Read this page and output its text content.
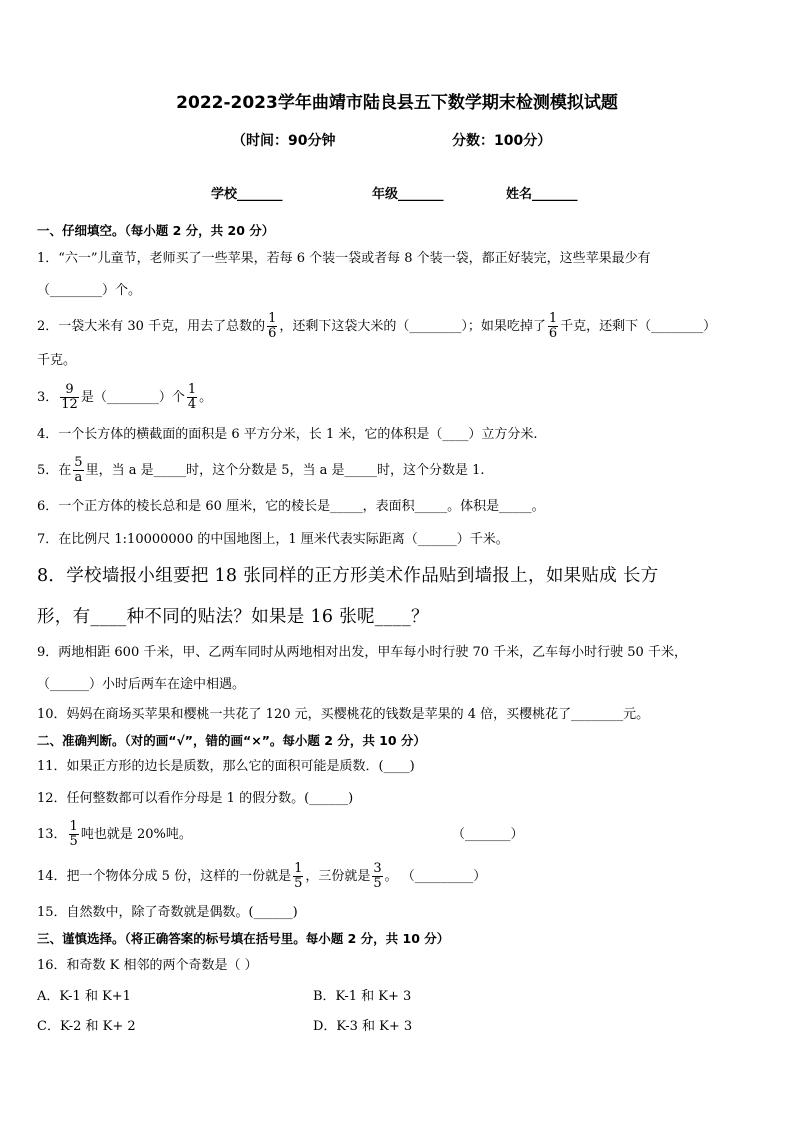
2022-2023学年曲靖市陆良县五下数学期末检测模拟试题
（时间：90分钟	分数：100分）
学校_______	年级_______	姓名_______
一、仔细填空。（每小题 2 分，共 20 分）
1．“六一”儿童节，老师买了一些苹果，若每 6 个装一袋或者每 8 个装一袋，都正好装完，这些苹果最少有
（________）个。
2．一袋大米有 30 千克，用去了总数的 $\frac{1}{6}$ ，还剩下这袋大米的（________）；如果吃掉了 $\frac{1}{6}$ 千克，还剩下（________）
千克。
3． $\frac{9}{12}$ 是（________）个 $\frac{1}{4}$ 。
4．一个长方体的横截面的面积是 6 平方分米，长 1 米，它的体积是（____）立方分米.
5．在 $\frac{5}{a}$ 里，当 a 是_____时，这个分数是 5，当 a 是_____时，这个分数是 1.
6．一个正方体的棱长总和是 60 厘米，它的棱长是_____，表面积_____。体积是_____。
7．在比例尺 1:10000000 的中国地图上，1 厘米代表实际距离（______）千米。
8．学校墙报小组要把 18 张同样的正方形美术作品贴到墙报上，如果贴成 长方
形，有____种不同的贴法？如果是 16 张呢____？
9．两地相距 600 千米，甲、乙两车同时从两地相对出发，甲车每小时行驶 70 千米，乙车每小时行驶 50 千米，
（______）小时后两车在途中相遇。
10．妈妈在商场买苹果和樱桃一共花了 120 元，买樱桃花的钱数是苹果的 4 倍，买樱桃花了________元。
二、准确判断。（对的画“√”，错的画“×”。每小题 2 分，共 10 分）
11．如果正方形的边长是质数，那么它的面积可能是质数．(____)
12．任何整数都可以看作分母是 1 的假分数。(______)
13． $\frac{1}{5}$ 吨也就是 20%吨。	（_______）
14．把一个物体分成 5 份，这样的一份就是 $\frac{1}{5}$ ，三份就是 $\frac{3}{5}$ 。 （_________）
15．自然数中，除了奇数就是偶数。(______)
三、谨慎选择。（将正确答案的标号填在括号里。每小题 2 分，共 10 分）
16．和奇数 K 相邻的两个奇数是（ ）
A．K-1 和 K+1	B．K-1 和 K+ 3
C．K-2 和 K+ 2	D．K-3 和 K+ 3
